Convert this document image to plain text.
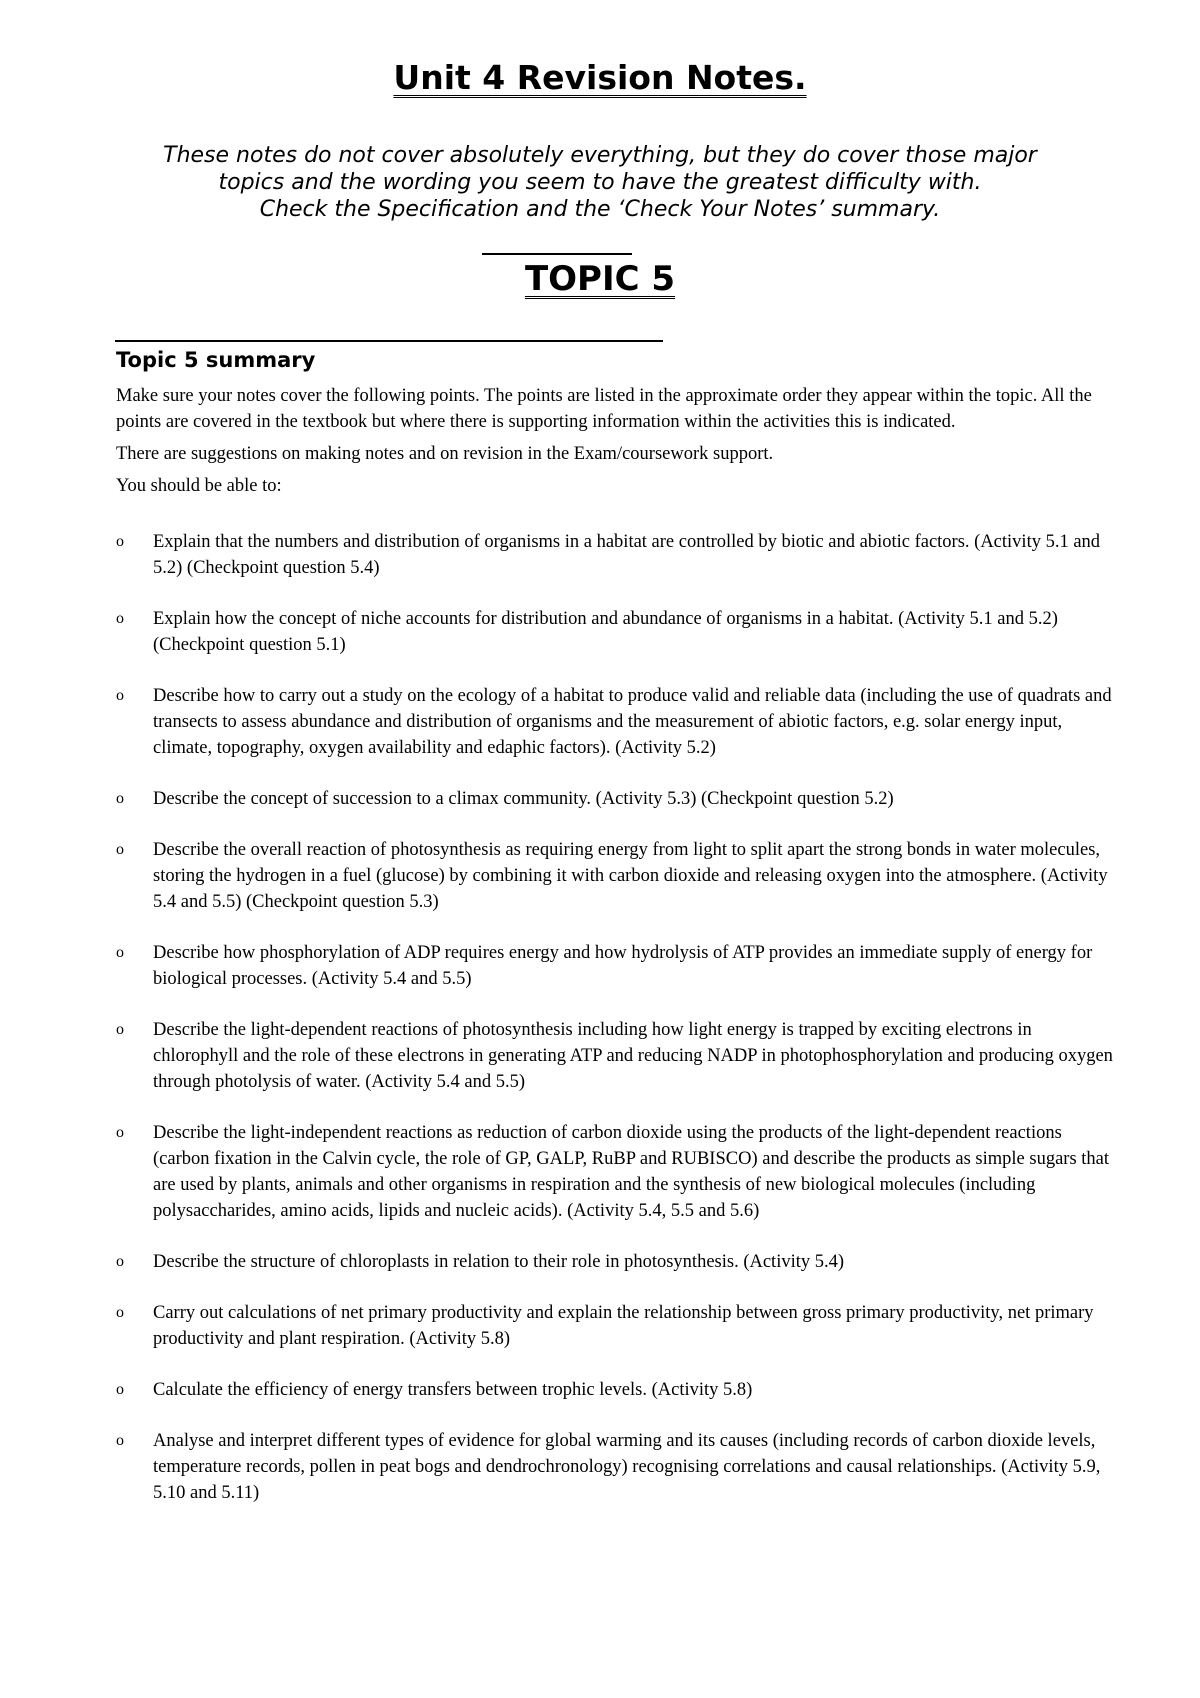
Unit 4 Revision Notes.
These notes do not cover absolutely everything, but they do cover those major
topics and the wording you seem to have the greatest difficulty with.
Check the Specification and the ‘Check Your Notes’ summary.
TOPIC 5
Topic 5 summary

Make sure your notes cover the following points. The points are listed in the approximate order they appear within the topic. All the points are covered in the textbook but where there is supporting information within the activities this is indicated.

There are suggestions on making notes and on revision in the Exam/coursework support.

You should be able to:

o	Explain that the numbers and distribution of organisms in a habitat are controlled by biotic and abiotic factors. (Activity 5.1 and 5.2) (Checkpoint question 5.4)
o	Explain how the concept of niche accounts for distribution and abundance of organisms in a habitat. (Activity 5.1 and 5.2) (Checkpoint question 5.1)
o	Describe how to carry out a study on the ecology of a habitat to produce valid and reliable data (including the use of quadrats and transects to assess abundance and distribution of organisms and the measurement of abiotic factors, e.g. solar energy input, climate, topography, oxygen availability and edaphic factors). (Activity 5.2)
o	Describe the concept of succession to a climax community. (Activity 5.3) (Checkpoint question 5.2)
o	Describe the overall reaction of photosynthesis as requiring energy from light to split apart the strong bonds in water molecules, storing the hydrogen in a fuel (glucose) by combining it with carbon dioxide and releasing oxygen into the atmosphere. (Activity 5.4 and 5.5) (Checkpoint question 5.3)
o	Describe how phosphorylation of ADP requires energy and how hydrolysis of ATP provides an immediate supply of energy for biological processes. (Activity 5.4 and 5.5)
o	Describe the light-dependent reactions of photosynthesis including how light energy is trapped by exciting electrons in chlorophyll and the role of these electrons in generating ATP and reducing NADP in photophosphorylation and producing oxygen through photolysis of water. (Activity 5.4 and 5.5)
o	Describe the light-independent reactions as reduction of carbon dioxide using the products of the light-dependent reactions (carbon fixation in the Calvin cycle, the role of GP, GALP, RuBP and RUBISCO) and describe the products as simple sugars that are used by plants, animals and other organisms in respiration and the synthesis of new biological molecules (including polysaccharides, amino acids, lipids and nucleic acids). (Activity 5.4, 5.5 and 5.6)
o	Describe the structure of chloroplasts in relation to their role in photosynthesis. (Activity 5.4)
o	Carry out calculations of net primary productivity and explain the relationship between gross primary productivity, net primary productivity and plant respiration. (Activity 5.8)
o	Calculate the efficiency of energy transfers between trophic levels. (Activity 5.8)
o	Analyse and interpret different types of evidence for global warming and its causes (including records of carbon dioxide levels, temperature records, pollen in peat bogs and dendrochronology) recognising correlations and causal relationships. (Activity 5.9, 5.10 and 5.11)
